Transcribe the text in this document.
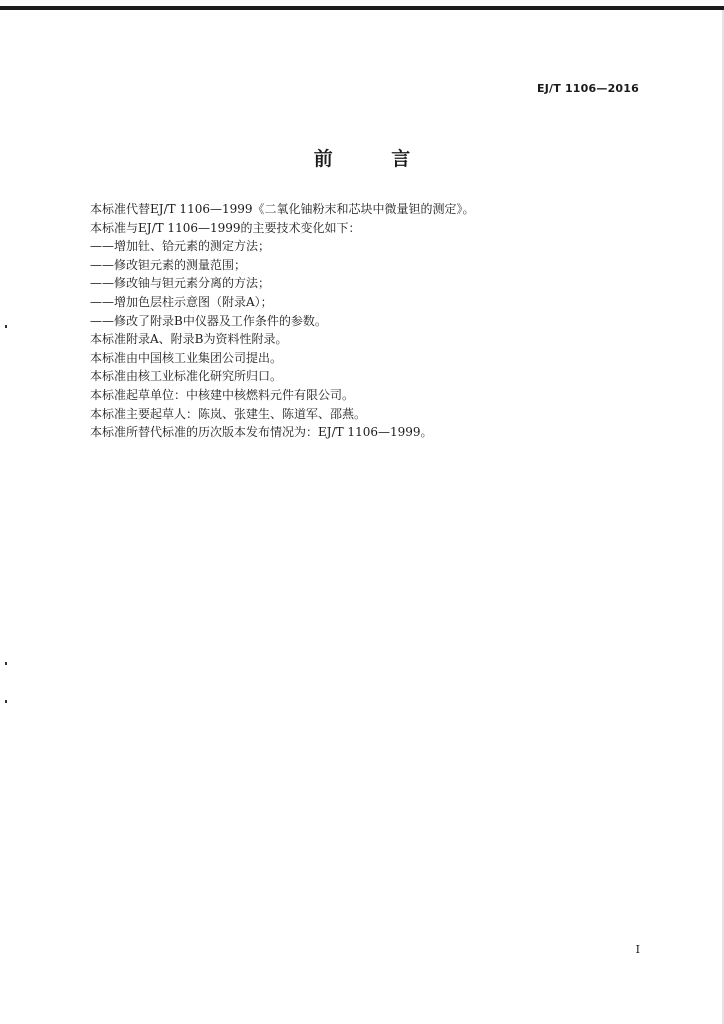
EJ/T 1106—2016
前 言
本标准代替EJ/T 1106—1999《二氧化铀粉末和芯块中微量钽的测定》。
本标准与EJ/T 1106—1999的主要技术变化如下：
——增加钍、铪元素的测定方法；
——修改钽元素的测量范围；
——修改铀与钽元素分离的方法；
——增加色层柱示意图（附录A）；
——修改了附录B中仪器及工作条件的参数。
本标准附录A、附录B为资料性附录。
本标准由中国核工业集团公司提出。
本标准由核工业标准化研究所归口。
本标准起草单位：中核建中核燃料元件有限公司。
本标准主要起草人：陈岚、张建生、陈道军、邵燕。
本标准所替代标准的历次版本发布情况为：EJ/T 1106—1999。
I
